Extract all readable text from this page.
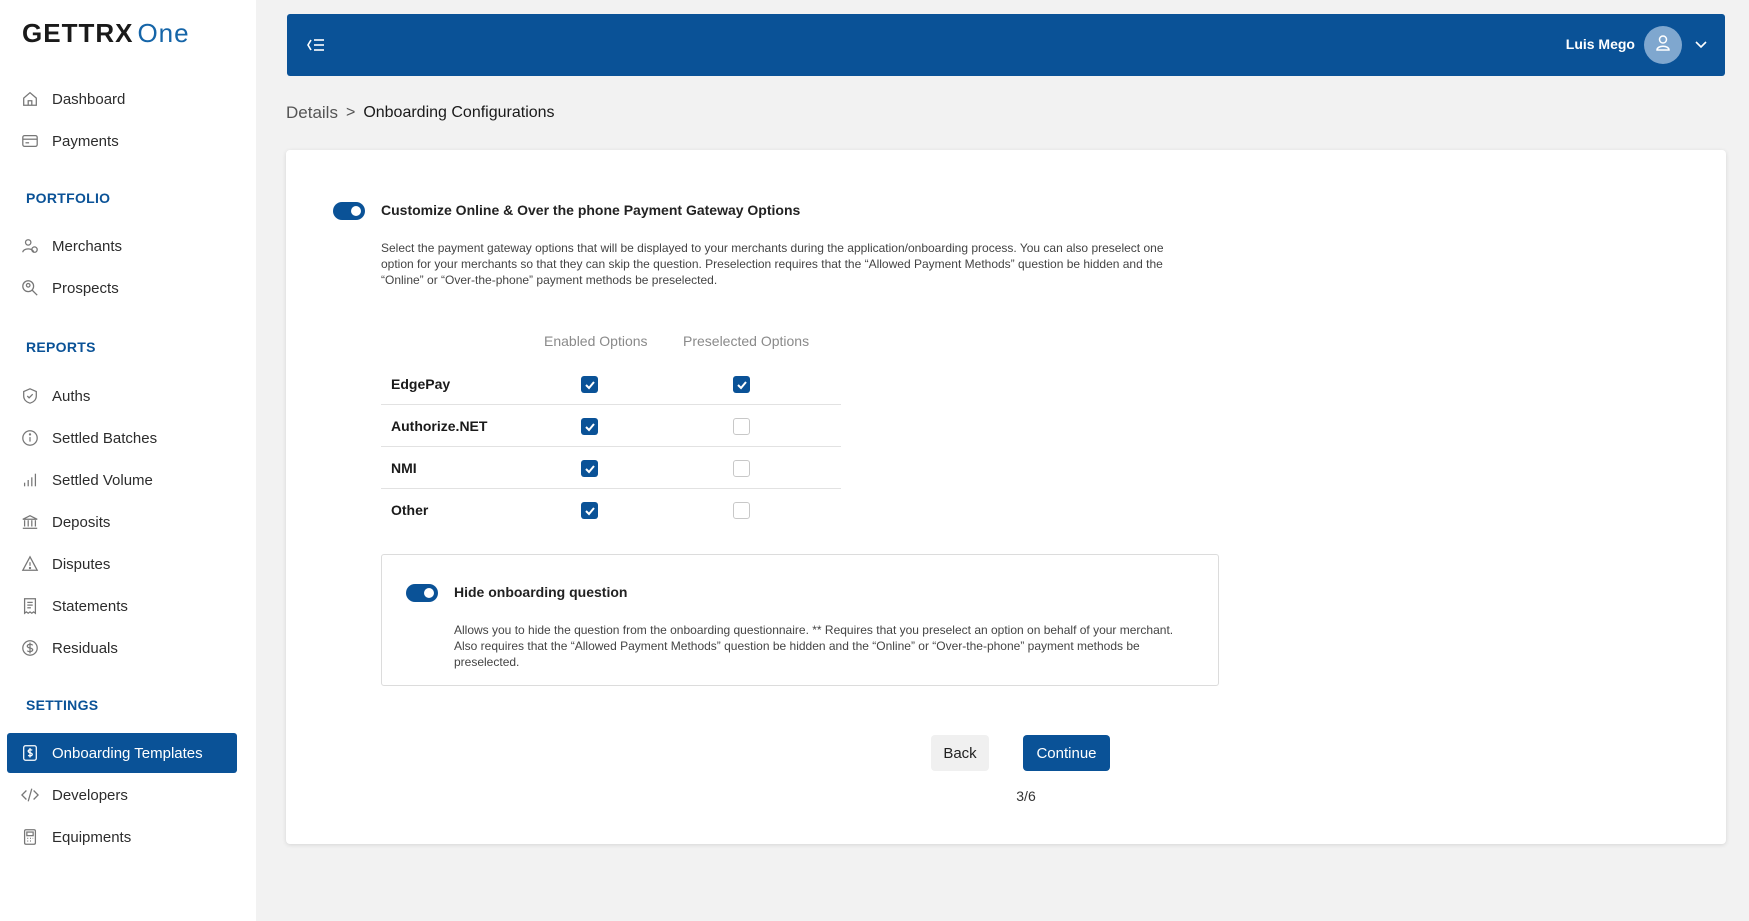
GETTRX One
Dashboard
Payments
PORTFOLIO
Merchants
Prospects
REPORTS
Auths
Settled Batches
Settled Volume
Deposits
Disputes
Statements
Residuals
SETTINGS
Onboarding Templates
Developers
Equipments
Luis Mego
Details > Onboarding Configurations
Customize Online & Over the phone Payment Gateway Options
Select the payment gateway options that will be displayed to your merchants during the application/onboarding process. You can also preselect one option for your merchants so that they can skip the question. Preselection requires that the “Allowed Payment Methods” question be hidden and the “Online” or “Over-the-phone” payment methods be preselected.
Enabled Options	Preselected Options
EdgePay
Authorize.NET
NMI
Other
Hide onboarding question
Allows you to hide the question from the onboarding questionnaire. ** Requires that you preselect an option on behalf of your merchant. Also requires that the “Allowed Payment Methods” question be hidden and the “Online” or “Over-the-phone” payment methods be preselected.
Back	Continue
3/6
